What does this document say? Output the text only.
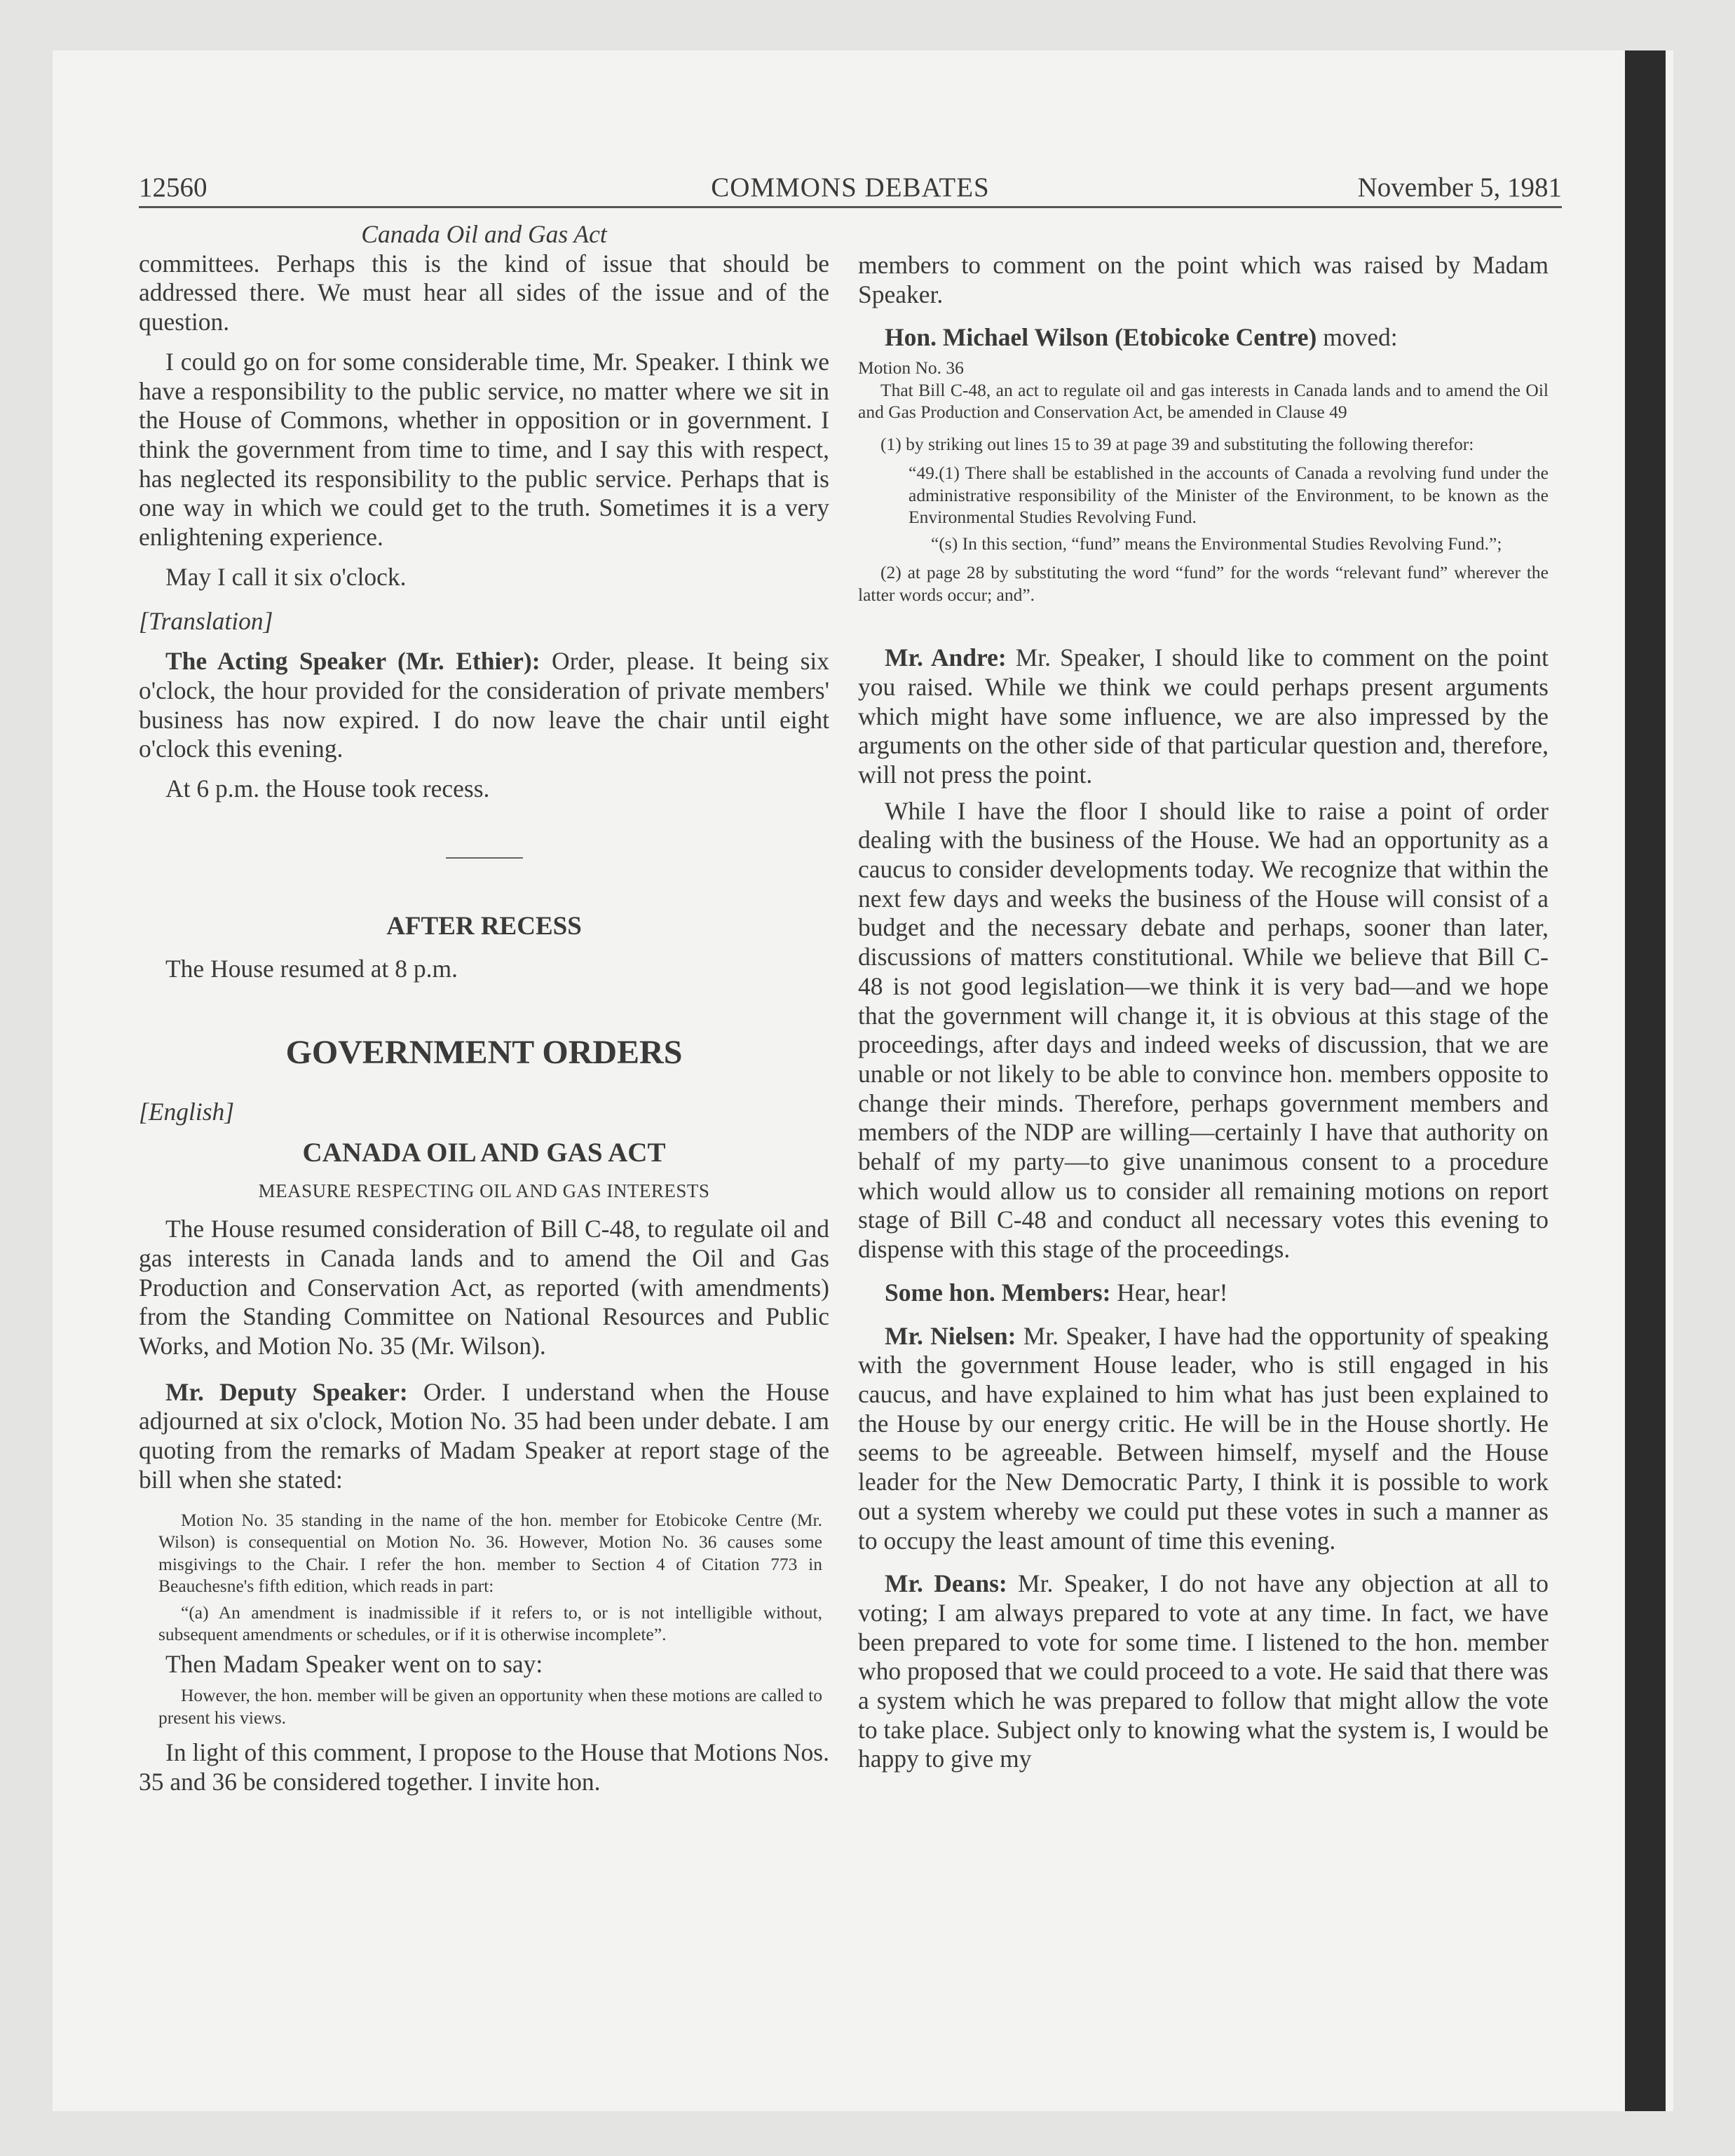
12560	COMMONS DEBATES	November 5, 1981

Canada Oil and Gas Act

committees. Perhaps this is the kind of issue that should be addressed there. We must hear all sides of the issue and of the question.

I could go on for some considerable time, Mr. Speaker. I think we have a responsibility to the public service, no matter where we sit in the House of Commons, whether in opposition or in government. I think the government from time to time, and I say this with respect, has neglected its responsibility to the public service. Perhaps that is one way in which we could get to the truth. Sometimes it is a very enlightening experience.

May I call it six o'clock.

[Translation]

The Acting Speaker (Mr. Ethier): Order, please. It being six o'clock, the hour provided for the consideration of private members' business has now expired. I do now leave the chair until eight o'clock this evening.

At 6 p.m. the House took recess.

AFTER RECESS

The House resumed at 8 p.m.

GOVERNMENT ORDERS

[English]

CANADA OIL AND GAS ACT

MEASURE RESPECTING OIL AND GAS INTERESTS

The House resumed consideration of Bill C-48, to regulate oil and gas interests in Canada lands and to amend the Oil and Gas Production and Conservation Act, as reported (with amendments) from the Standing Committee on National Resources and Public Works, and Motion No. 35 (Mr. Wilson).

Mr. Deputy Speaker: Order. I understand when the House adjourned at six o'clock, Motion No. 35 had been under debate. I am quoting from the remarks of Madam Speaker at report stage of the bill when she stated:

Motion No. 35 standing in the name of the hon. member for Etobicoke Centre (Mr. Wilson) is consequential on Motion No. 36. However, Motion No. 36 causes some misgivings to the Chair. I refer the hon. member to Section 4 of Citation 773 in Beauchesne's fifth edition, which reads in part:

“(a) An amendment is inadmissible if it refers to, or is not intelligible without, subsequent amendments or schedules, or if it is otherwise incomplete”.

Then Madam Speaker went on to say:

However, the hon. member will be given an opportunity when these motions are called to present his views.

In light of this comment, I propose to the House that Motions Nos. 35 and 36 be considered together. I invite hon.

members to comment on the point which was raised by Madam Speaker.

Hon. Michael Wilson (Etobicoke Centre) moved:

Motion No. 36

That Bill C-48, an act to regulate oil and gas interests in Canada lands and to amend the Oil and Gas Production and Conservation Act, be amended in Clause 49

(1) by striking out lines 15 to 39 at page 39 and substituting the following therefor:

“49.(1) There shall be established in the accounts of Canada a revolving fund under the administrative responsibility of the Minister of the Environment, to be known as the Environmental Studies Revolving Fund.

“(s) In this section, “fund” means the Environmental Studies Revolving Fund.”;

(2) at page 28 by substituting the word “fund” for the words “relevant fund” wherever the latter words occur; and”.

Mr. Andre: Mr. Speaker, I should like to comment on the point you raised. While we think we could perhaps present arguments which might have some influence, we are also impressed by the arguments on the other side of that particular question and, therefore, will not press the point.

While I have the floor I should like to raise a point of order dealing with the business of the House. We had an opportunity as a caucus to consider developments today. We recognize that within the next few days and weeks the business of the House will consist of a budget and the necessary debate and perhaps, sooner than later, discussions of matters constitutional. While we believe that Bill C-48 is not good legislation—we think it is very bad—and we hope that the government will change it, it is obvious at this stage of the proceedings, after days and indeed weeks of discussion, that we are unable or not likely to be able to convince hon. members opposite to change their minds. Therefore, perhaps government members and members of the NDP are willing—certainly I have that authority on behalf of my party—to give unanimous consent to a procedure which would allow us to consider all remaining motions on report stage of Bill C-48 and conduct all necessary votes this evening to dispense with this stage of the proceedings.

Some hon. Members: Hear, hear!

Mr. Nielsen: Mr. Speaker, I have had the opportunity of speaking with the government House leader, who is still engaged in his caucus, and have explained to him what has just been explained to the House by our energy critic. He will be in the House shortly. He seems to be agreeable. Between himself, myself and the House leader for the New Democratic Party, I think it is possible to work out a system whereby we could put these votes in such a manner as to occupy the least amount of time this evening.

Mr. Deans: Mr. Speaker, I do not have any objection at all to voting; I am always prepared to vote at any time. In fact, we have been prepared to vote for some time. I listened to the hon. member who proposed that we could proceed to a vote. He said that there was a system which he was prepared to follow that might allow the vote to take place. Subject only to knowing what the system is, I would be happy to give my
